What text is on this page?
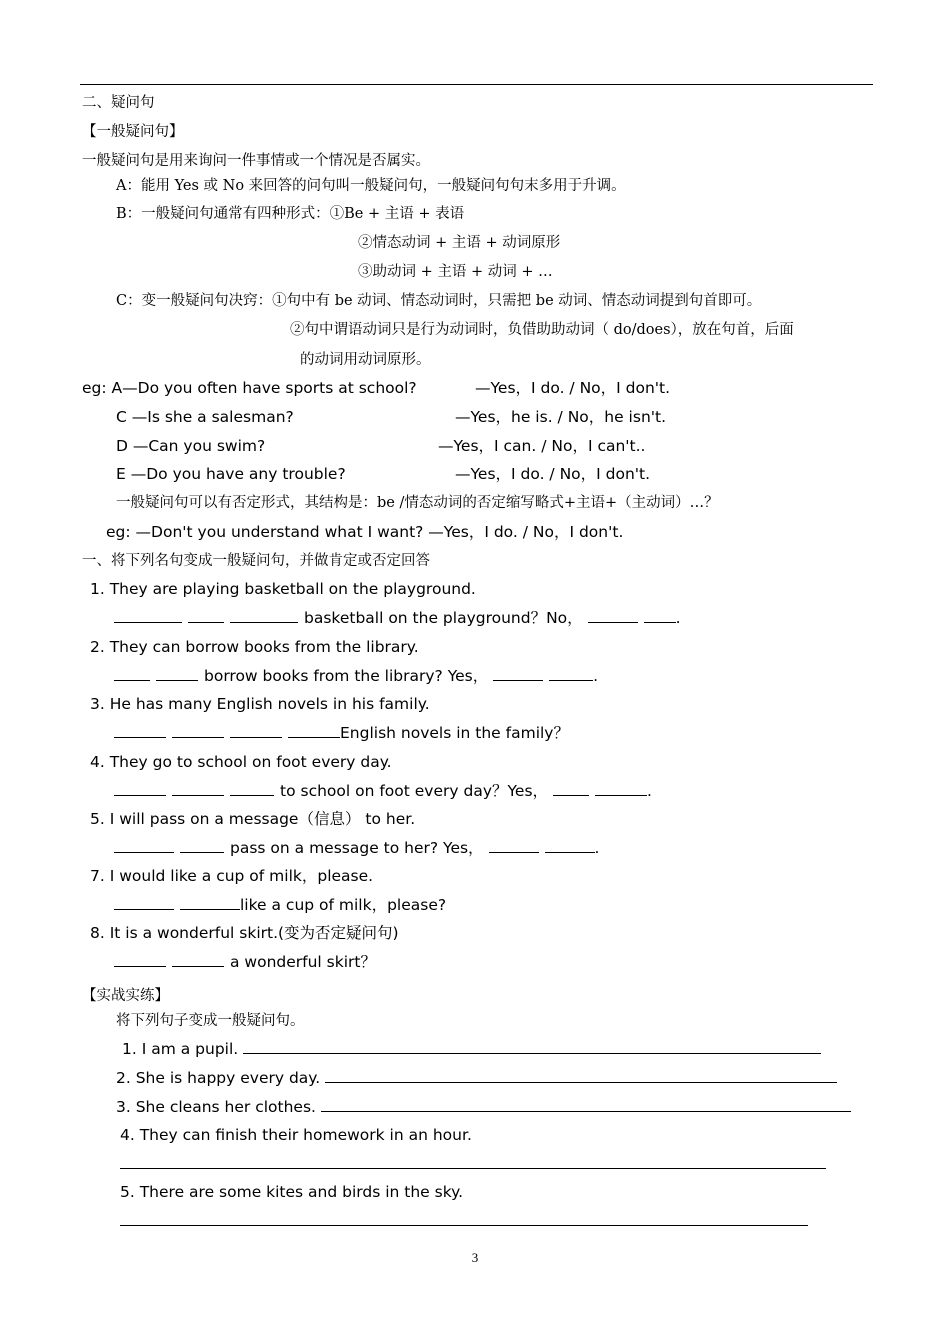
二、疑问句
【一般疑问句】
一般疑问句是用来询问一件事情或一个情况是否属实。
A：能用 Yes 或 No 来回答的问句叫一般疑问句，一般疑问句句末多用于升调。
B：一般疑问句通常有四种形式：①Be + 主语 + 表语
②情态动词 + 主语 + 动词原形
③助动词 + 主语 + 动词 + …
C：变一般疑问句决窍：①句中有 be 动词、情态动词时，只需把 be 动词、情态动词提到句首即可。
②句中谓语动词只是行为动词时，负借助助动词（ do/does），放在句首，后面
的动词用动词原形。
eg: A—Do you often have sports at school?	—Yes，I do. / No，I don't.
C —Is she a salesman?	—Yes，he is. / No，he isn't.
D —Can you swim?	—Yes，I can. / No，I can't..
E —Do you have any trouble?	—Yes，I do. / No，I don't.
一般疑问句可以有否定形式，其结构是：be /情态动词的否定缩写略式+主语+（主动词）…？
eg: —Don't you understand what I want? —Yes，I do. / No，I don't.
一、将下列名句变成一般疑问句，并做肯定或否定回答
1. They are playing basketball on the playground.
basketball on the playground？No，	.
2. They can borrow books from the library.
borrow books from the library? Yes，	.
3. He has many English novels in his family.
English novels in the family？
4. They go to school on foot every day.
to school on foot every day？Yes，	.
5. I will pass on a message（信息） to her.
pass on a message to her? Yes，	.
7. I would like a cup of milk，please.
like a cup of milk，please?
8. It is a wonderful skirt.(变为否定疑问句)
a wonderful skirt？
【实战实练】
将下列句子变成一般疑问句。
1. I am a pupil.
2. She is happy every day.
3. She cleans her clothes.
4. They can finish their homework in an hour.
5. There are some kites and birds in the sky.
3
